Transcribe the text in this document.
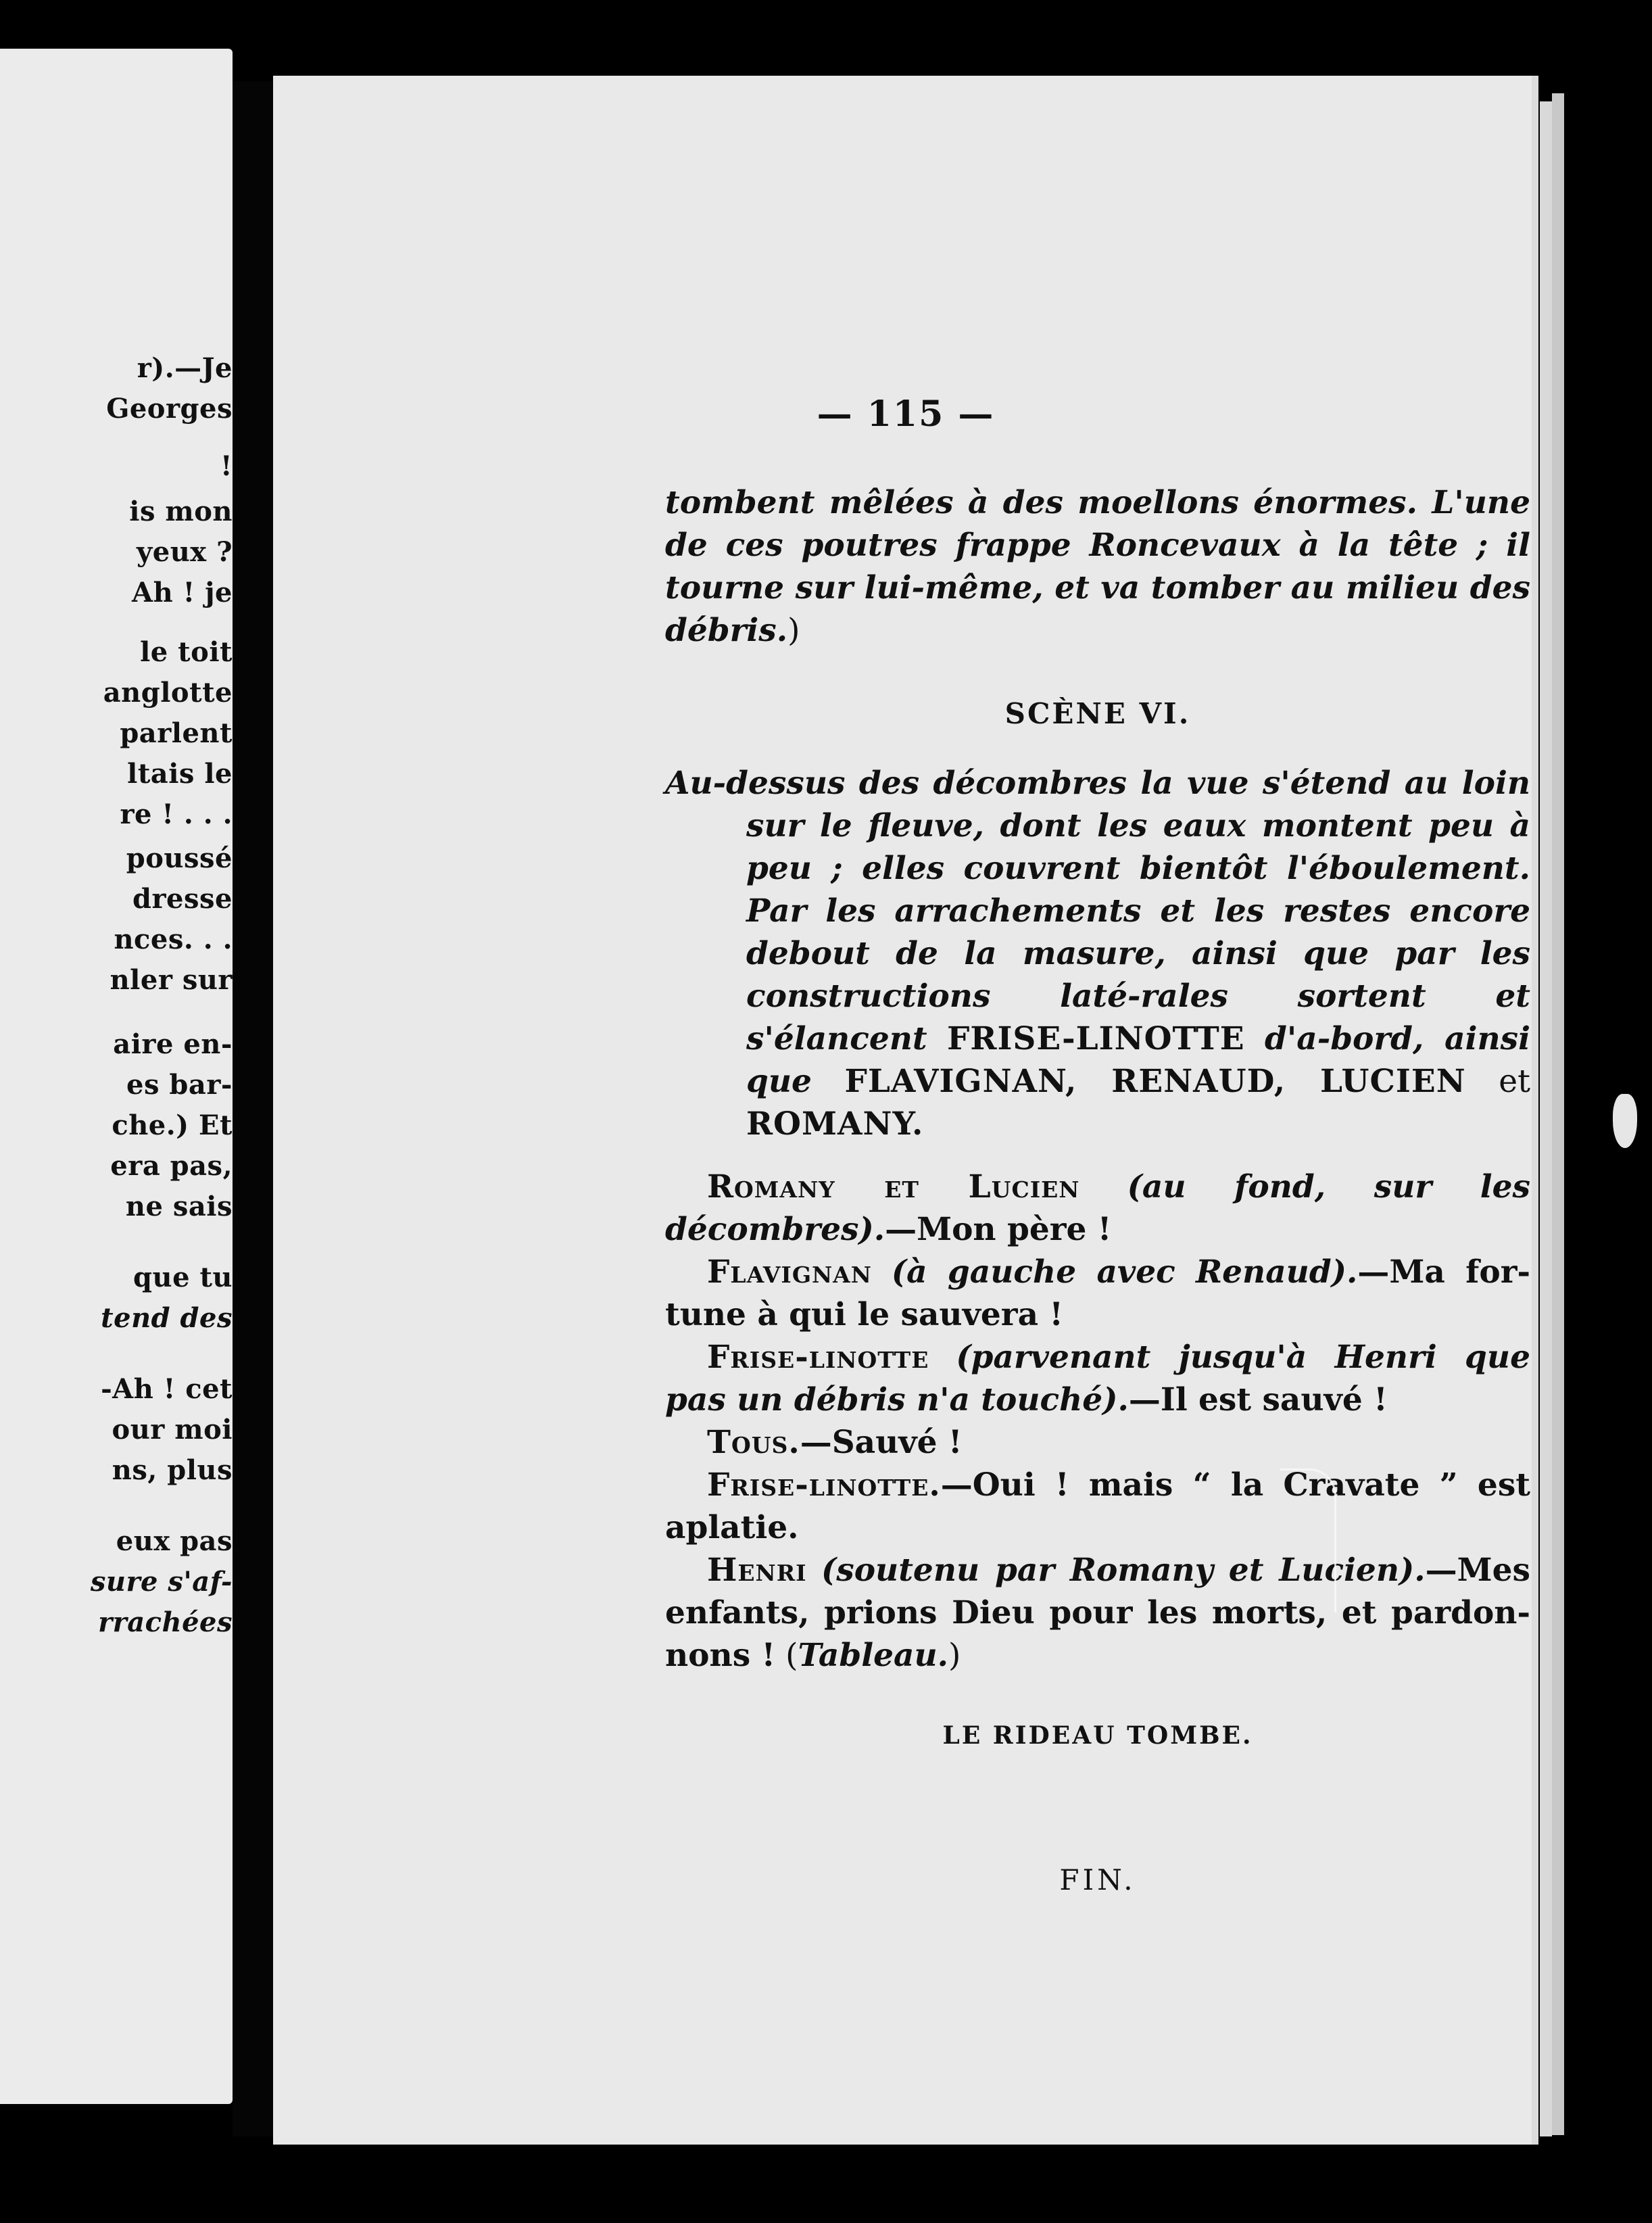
r).—Je
Georges
!
is mon
yeux ?
Ah ! je
le toit
anglotte
parlent
ltais le
re ! . . .
poussé
dresse
nces. . .
nler sur
aire en-
es bar-
che.) Et
era pas,
ne sais
que tu
tend des
-Ah ! cet
our moi
ns, plus
eux pas
sure s'af-
rrachées
— 115 —

tombent mêlées à des moellons énormes. L'une de ces poutres frappe Roncevaux à la tête ; il tourne sur lui-même, et va tomber au milieu des débris.)

SCÈNE VI.

Au-dessus des décombres la vue s'étend au loin sur le fleuve, dont les eaux montent peu à peu ; elles couvrent bientôt l'éboulement. Par les arrachements et les restes encore debout de la masure, ainsi que par les constructions laté-rales sortent et s'élancent FRISE-LINOTTE d'a-bord, ainsi que FLAVIGNAN, RENAUD, LUCIEN et ROMANY.

Romany et Lucien (au fond, sur les décombres).—Mon père !

Flavignan (à gauche avec Renaud).—Ma for-tune à qui le sauvera !

Frise-linotte (parvenant jusqu'à Henri que pas un débris n'a touché).—Il est sauvé !

Tous.—Sauvé !

Frise-linotte.—Oui ! mais “ la Cravate ” est aplatie.

Henri (soutenu par Romany et Lucien).—Mes enfants, prions Dieu pour les morts, et pardon-nons ! (Tableau.)

LE RIDEAU TOMBE.

FIN.
